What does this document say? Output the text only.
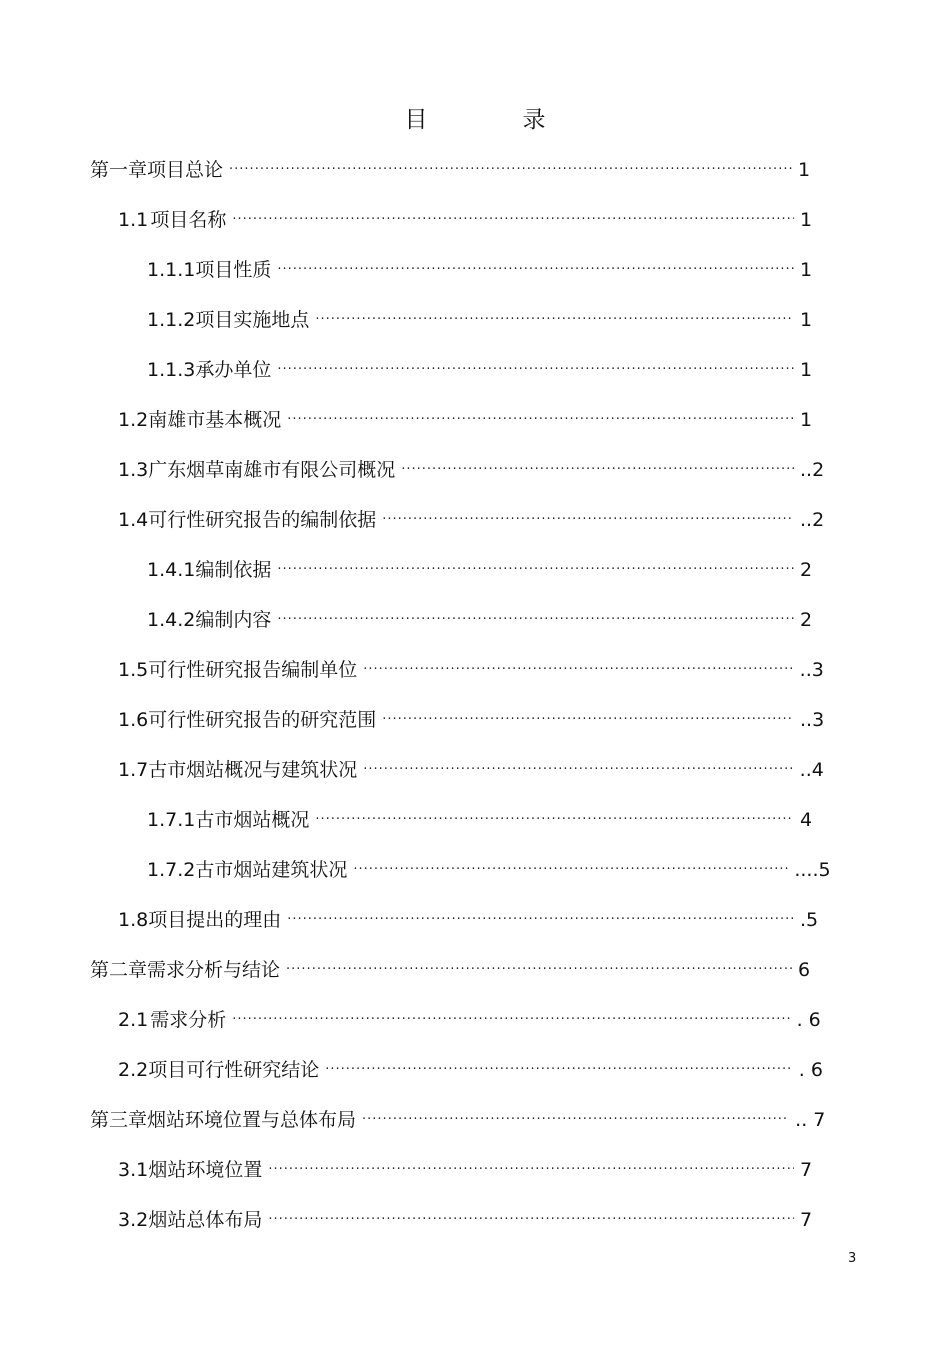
目　录
第一章 项目总论 ·····	1
1.1 项目名称 ·····	1
1.1.1 项目性质 ·····	1
1.1.2 项目实施地点 ·····	1
1.1.3 承办单位 ·····	1
1.2 南雄市基本概况 ·····	1
1.3 广东烟草南雄市有限公司概况 ·····	..2
1.4 可行性研究报告的编制依据 ·····	..2
1.4.1 编制依据 ·····	2
1.4.2 编制内容 ·····	2
1.5 可行性研究报告编制单位 ·····	..3
1.6 可行性研究报告的研究范围 ·····	..3
1.7 古市烟站概况与建筑状况 ·····	..4
1.7.1 古市烟站概况 ·····	4
1.7.2 古市烟站建筑状况 ·····	....5
1.8 项目提出的理由 ·····	.5
第二章 需求分析与结论 ·····	6
2.1 需求分析 ·····	. 6
2.2 项目可行性研究结论 ·····	. 6
第三章 烟站环境位置与总体布局 ·····	.. 7
3.1 烟站环境位置 ·····	7
3.2 烟站总体布局 ·····	7
3
